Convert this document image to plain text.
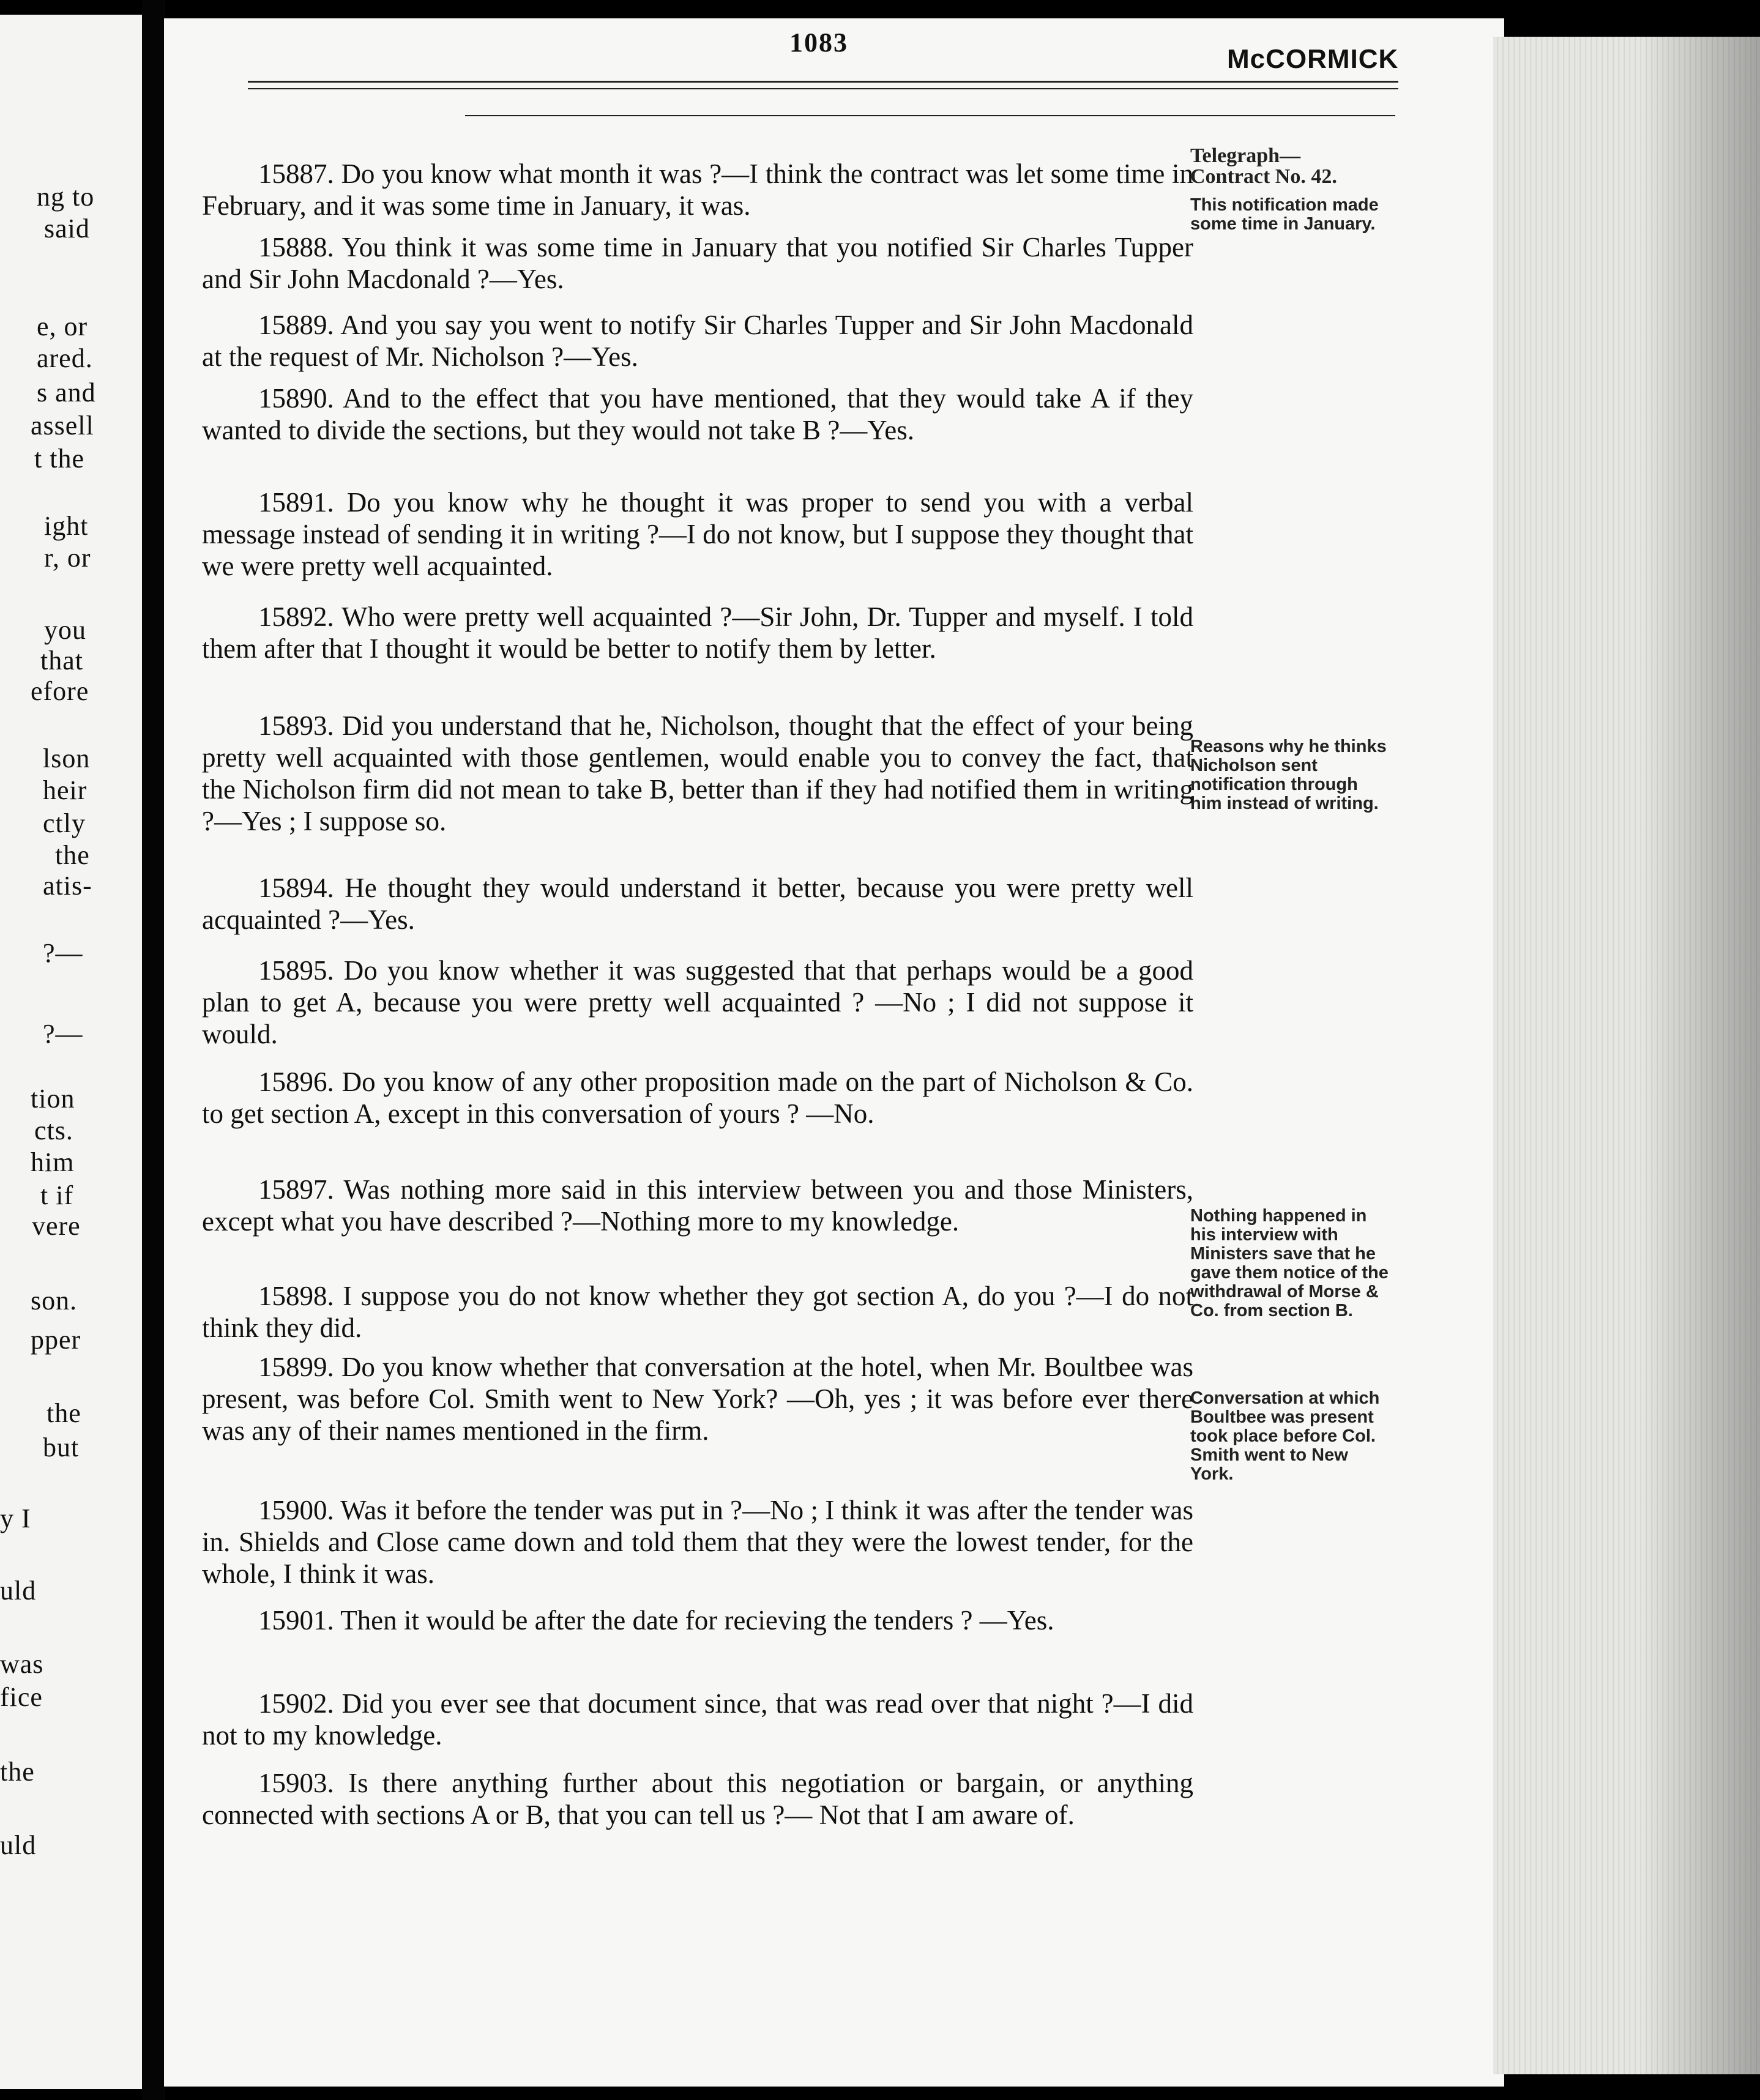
ng to
said
e, or
ared.
s and
assell
t the
ight
r, or
you
that
efore
lson
heir
ctly
the
atis-
?—
?—
tion
cts.
him
t if
vere
son.
pper
the
but
y I
uld
was
fice
the
uld
1083
McCORMICK
Telegraph—
Contract No. 42.
This notification made some time in January.
Reasons why he thinks Nicholson sent notification through him instead of writing.
Nothing happened in his interview with Ministers save that he gave them notice of the withdrawal of Morse & Co. from section B.
Conversation at which Boultbee was present took place before Col. Smith went to New York.
15887. Do you know what month it was ?—I think the contract was let some time in February, and it was some time in January, it was.
15888. You think it was some time in January that you notified Sir Charles Tupper and Sir John Macdonald ?—Yes.
15889. And you say you went to notify Sir Charles Tupper and Sir John Macdonald at the request of Mr. Nicholson ?—Yes.
15890. And to the effect that you have mentioned, that they would take A if they wanted to divide the sections, but they would not take B ?—Yes.
15891. Do you know why he thought it was proper to send you with a verbal message instead of sending it in writing ?—I do not know, but I suppose they thought that we were pretty well acquainted.
15892. Who were pretty well acquainted ?—Sir John, Dr. Tupper and myself. I told them after that I thought it would be better to notify them by letter.
15893. Did you understand that he, Nicholson, thought that the effect of your being pretty well acquainted with those gentlemen, would enable you to convey the fact, that the Nicholson firm did not mean to take B, better than if they had notified them in writing ?—Yes ; I suppose so.
15894. He thought they would understand it better, because you were pretty well acquainted ?—Yes.
15895. Do you know whether it was suggested that that perhaps would be a good plan to get A, because you were pretty well acquainted ? —No ; I did not suppose it would.
15896. Do you know of any other proposition made on the part of Nicholson & Co. to get section A, except in this conversation of yours ? —No.
15897. Was nothing more said in this interview between you and those Ministers, except what you have described ?—Nothing more to my knowledge.
15898. I suppose you do not know whether they got section A, do you ?—I do not think they did.
15899. Do you know whether that conversation at the hotel, when Mr. Boultbee was present, was before Col. Smith went to New York? —Oh, yes ; it was before ever there was any of their names mentioned in the firm.
15900. Was it before the tender was put in ?—No ; I think it was after the tender was in. Shields and Close came down and told them that they were the lowest tender, for the whole, I think it was.
15901. Then it would be after the date for recieving the tenders ? —Yes.
15902. Did you ever see that document since, that was read over that night ?—I did not to my knowledge.
15903. Is there anything further about this negotiation or bargain, or anything connected with sections A or B, that you can tell us ?— Not that I am aware of.
